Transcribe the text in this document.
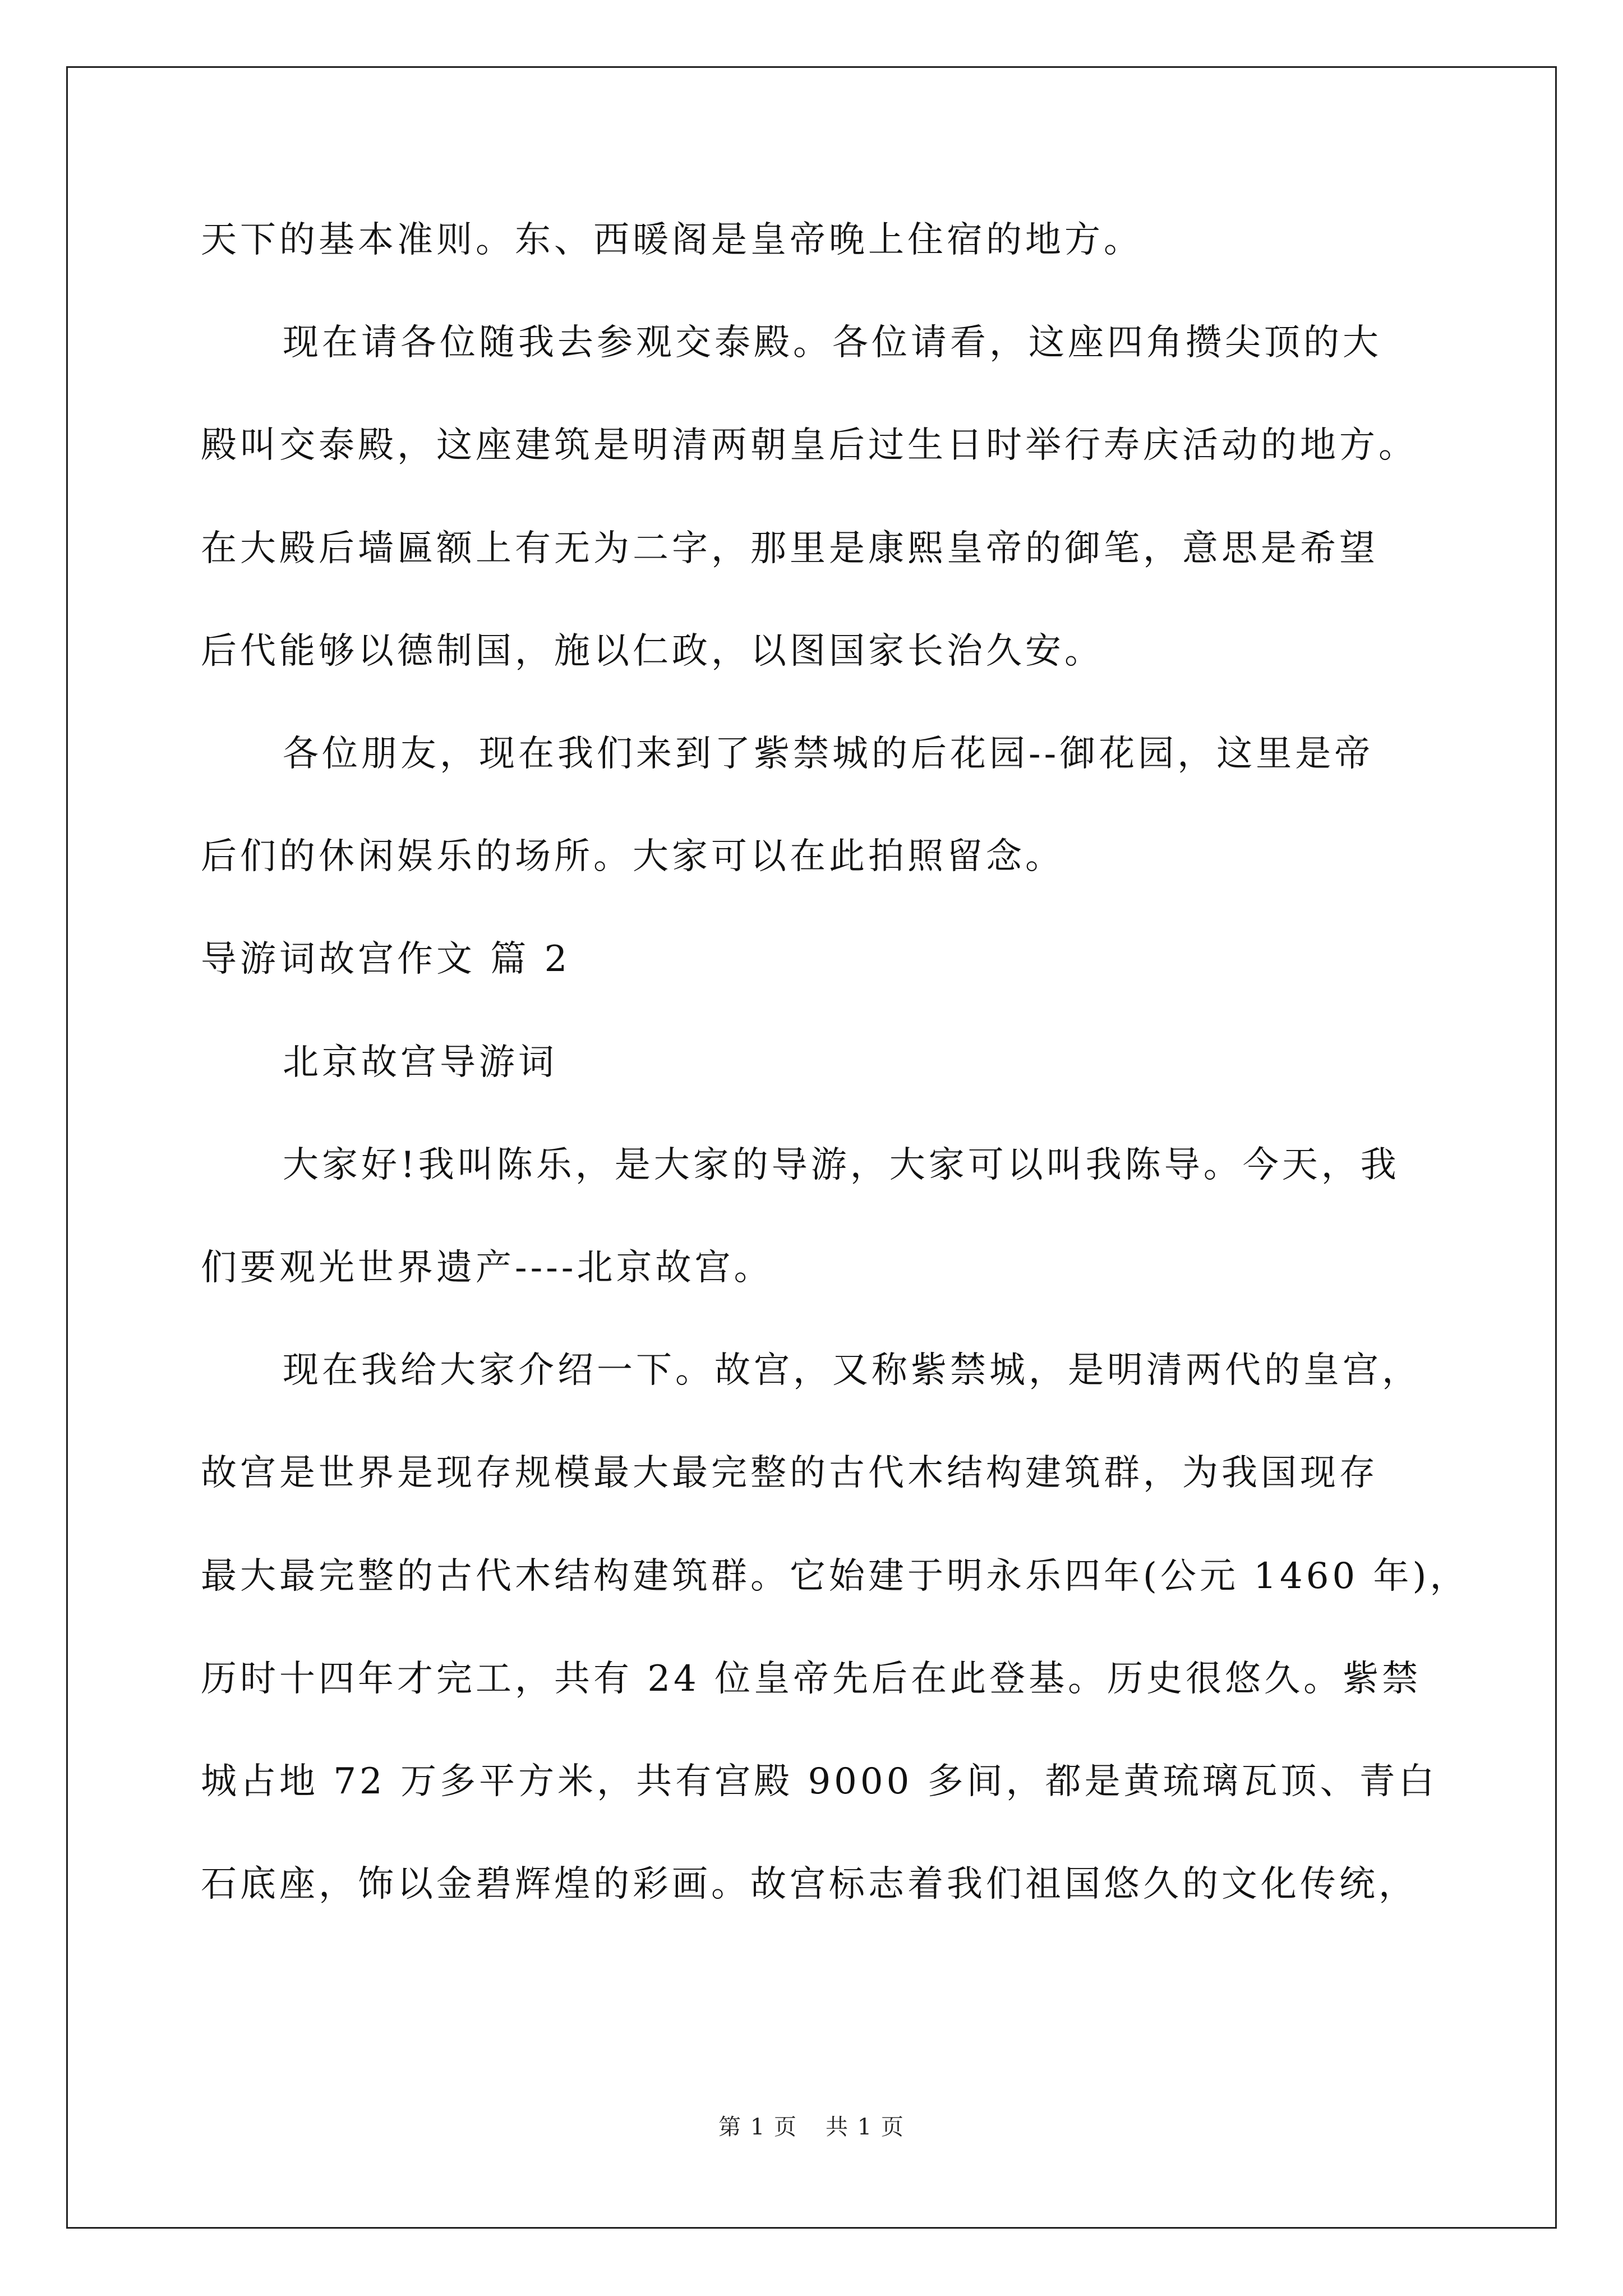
天下的基本准则。东、西暖阁是皇帝晚上住宿的地方。
现在请各位随我去参观交泰殿。各位请看，这座四角攒尖顶的大
殿叫交泰殿，这座建筑是明清两朝皇后过生日时举行寿庆活动的地方。
在大殿后墙匾额上有无为二字，那里是康熙皇帝的御笔，意思是希望
后代能够以德制国，施以仁政，以图国家长治久安。
各位朋友，现在我们来到了紫禁城的后花园--御花园，这里是帝
后们的休闲娱乐的场所。大家可以在此拍照留念。
导游词故宫作文 篇 2
北京故宫导游词
大家好!我叫陈乐，是大家的导游，大家可以叫我陈导。今天，我
们要观光世界遗产----北京故宫。
现在我给大家介绍一下。故宫，又称紫禁城，是明清两代的皇宫，
故宫是世界是现存规模最大最完整的古代木结构建筑群，为我国现存
最大最完整的古代木结构建筑群。它始建于明永乐四年(公元 1460 年)，
历时十四年才完工，共有 24 位皇帝先后在此登基。历史很悠久。紫禁
城占地 72 万多平方米，共有宫殿 9000 多间，都是黄琉璃瓦顶、青白
石底座，饰以金碧辉煌的彩画。故宫标志着我们祖国悠久的文化传统，
第 1 页 共 1 页
